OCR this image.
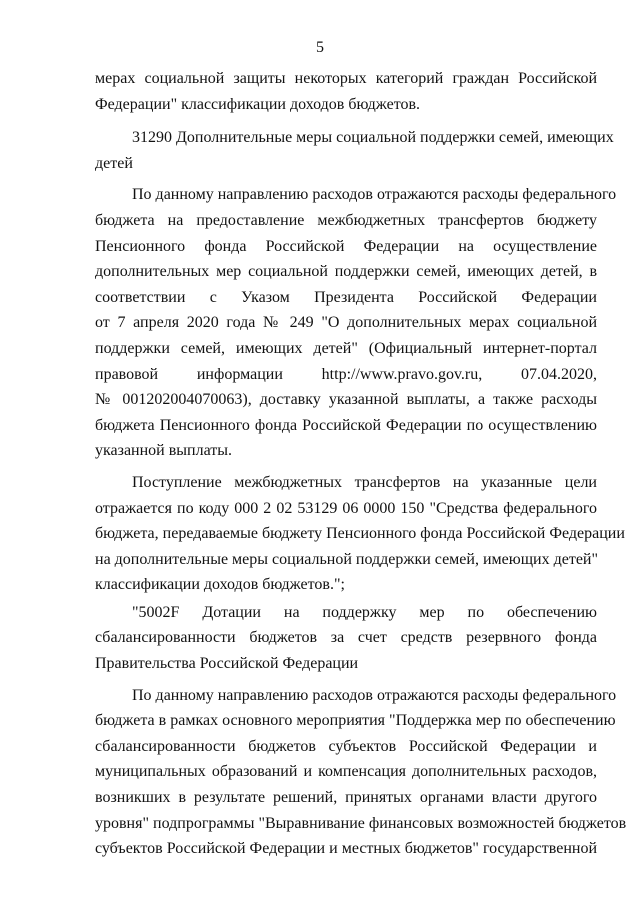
5
мерах социальной защиты некоторых категорий граждан Российской
Федерации" классификации доходов бюджетов.
31290 Дополнительные меры социальной поддержки семей, имеющих
детей
По данному направлению расходов отражаются расходы федерального
бюджета на предоставление межбюджетных трансфертов бюджету
Пенсионного фонда Российской Федерации на осуществление
дополнительных мер социальной поддержки семей, имеющих детей, в
соответствии с Указом Президента Российской Федерации
от 7 апреля 2020 года № 249 "О дополнительных мерах социальной
поддержки семей, имеющих детей" (Официальный интернет-портал
правовой информации http://www.pravo.gov.ru, 07.04.2020,
№ 0012020040700​63), доставку указанной выплаты, а также расходы
бюджета Пенсионного фонда Российской Федерации по осуществлению
указанной выплаты.
Поступление межбюджетных трансфертов на указанные цели
отражается по коду 000 2 02 53129 06 0000 150 "Средства федерального
бюджета, передаваемые бюджету Пенсионного фонда Российской Федерации
на дополнительные меры социальной поддержки семей, имеющих детей"
классификации доходов бюджетов.";
"5002F Дотации на поддержку мер по обеспечению
сбалансированности бюджетов за счет средств резервного фонда
Правительства Российской Федерации
По данному направлению расходов отражаются расходы федерального
бюджета в рамках основного мероприятия "Поддержка мер по обеспечению
сбалансированности бюджетов субъектов Российской Федерации и
муниципальных образований и компенсация дополнительных расходов,
возникших в результате решений, принятых органами власти другого
уровня" подпрограммы "Выравнивание финансовых возможностей бюджетов
субъектов Российской Федерации и местных бюджетов" государственной
